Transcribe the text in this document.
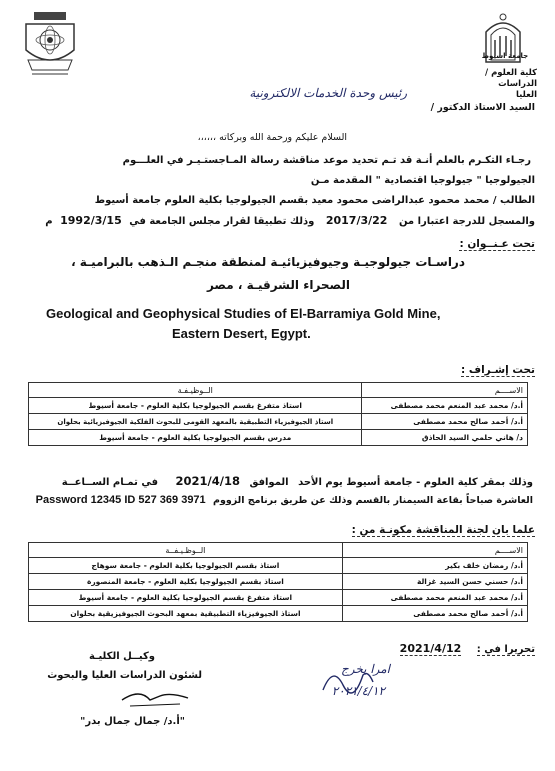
جامعة اسيوط
كلية العلوم / الدراسات
العليا
رئيس وحدة الخدمات الالكترونية
السيد الاستاذ الدكتور /
السلام عليكم ورحمة الله وبركاته ،،،،،،
رجـاء التكـرم بالعلم أنـة قد تـم تحديد موعد مناقشة رسالة المـاجستـيـر في العلـــوم
الجيولوجيا " جيولوجيا اقتصادية " المقدمة مـن
الطالب / محمد محمود عبدالراضى محمود معيد بقسم الجيولوجيا بكلية العلوم جامعة أسيوط
والمسجل للدرجة اعتبارا من 2017/3/22 وذلك تطبيقا لقرار مجلس الجامعة في 1992/3/15 م
تحت عـنــوان :
دراسـات جيولوجيـة وجيوفيزيائيـة لمنطقة منجـم الـذهب بالبراميـة ،
الصحراء الشرقيـة ، مصر
Geological and Geophysical Studies of El-Barramiya Gold Mine,
Eastern Desert, Egypt.
تحت إشـراف :
الاســــم	الــوظيـفـة
أ.د/ محمد عبد المنعم محمد مصطفى	استاذ متفرغ بقسم الجيولوجيا بكلية العلوم - جامعة أسيوط
أ.د/ أحمد صالح محمد مصطفى	استاذ الجيوفيزياء التطبيقية بالمعهد القومى للبحوث الفلكية الجيوفيزيائية بحلوان
د/ هاني حلمي السيد الحاذق	مدرس بقسم الجيولوجيا بكلية العلوم - جامعة أسيوط
وذلك بمقر كلية العلوم - جامعة أسيوط يوم الأحد الموافق 2021/4/18 في تمـام الســاعــة
العاشرة صباحاً بقاعة السيمنار بالقسم وذلك عن طريق برنامج الزووم Password 12345 ID 527 369 3971
علما بان لجنة المناقشة مكونـة من :
الاســــم	الــوظـيـفــة
أ.د/ رمضان خلف بكير	استاذ بقسم الجيولوجيا بكلية العلوم - جامعة سوهاج
أ.د/ حسني حسن السيد غزالة	استاذ بقسم الجيولوجيا بكلية العلوم - جامعة المنصورة
أ.د/ محمد عبد المنعم محمد مصطفى	استاذ متفرغ بقسم الجيولوجيا بكلية العلوم - جامعة أسيوط
أ.د/ أحمد صالح محمد مصطفى	استاذ الجيوفيزياء التطبيقية بمعهد البحوث الجيوفيزيقية بحلوان
تحريرا في : 2021/4/12
امرا يخرج
٢٠٢١/٤/١٢
وكيــل الكليـة
لشئون الدراسات العليا والبحوث
"أ.د/ جمال جمال بدر"
